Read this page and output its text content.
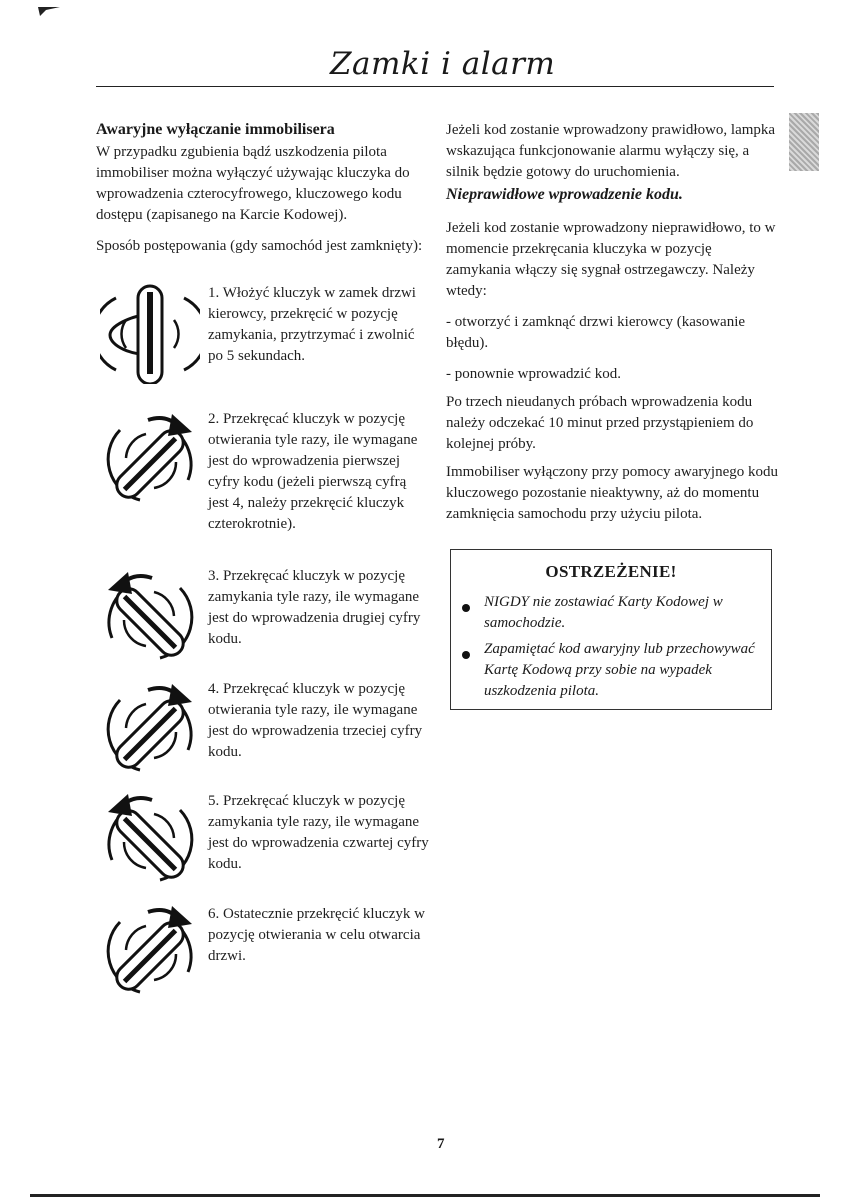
Zamki i alarm
Awaryjne wyłączanie immobilisera

W przypadku zgubienia bądź uszkodzenia pilota immobiliser można wyłączyć używając kluczyka do wprowadzenia czterocyfrowego, kluczowego kodu dostępu (zapisanego na Karcie Kodowej).

Sposób postępowania (gdy samochód jest zamknięty):

1. Włożyć kluczyk w zamek drzwi kierowcy, przekręcić w pozycję zamykania, przytrzymać i zwolnić po 5 sekundach.

2. Przekręcać kluczyk w pozycję otwierania tyle razy, ile wymagane jest do wprowadzenia pierwszej cyfry kodu (jeżeli pierwszą cyfrą jest 4, należy przekręcić kluczyk czterokrotnie).

3. Przekręcać kluczyk w pozycję zamykania tyle razy, ile wymagane jest do wprowadzenia drugiej cyfry kodu.

4. Przekręcać kluczyk w pozycję otwierania tyle razy, ile wymagane jest do wprowadzenia trzeciej cyfry kodu.

5. Przekręcać kluczyk w pozycję zamykania tyle razy, ile wymagane jest do wprowadzenia czwartej cyfry kodu.

6. Ostatecznie przekręcić kluczyk w pozycję otwierania w celu otwarcia drzwi.

Jeżeli kod zostanie wprowadzony prawidłowo, lampka wskazująca funkcjonowanie alarmu wyłączy się, a silnik będzie gotowy do uruchomienia.

Nieprawidłowe wprowadzenie kodu.

Jeżeli kod zostanie wprowadzony nieprawidłowo, to w momencie przekręcania kluczyka w pozycję zamykania włączy się sygnał ostrzegawczy. Należy wtedy:

- otworzyć i zamknąć drzwi kierowcy (kasowanie błędu).

- ponownie wprowadzić kod.

Po trzech nieudanych próbach wprowadzenia kodu należy odczekać 10 minut przed przystąpieniem do kolejnej próby.

Immobiliser wyłączony przy pomocy awaryjnego kodu kluczowego pozostanie nieaktywny, aż do momentu zamknięcia samochodu przy użyciu pilota.

OSTRZEŻENIE!

NIGDY nie zostawiać Karty Kodowej w samochodzie.

Zapamiętać kod awaryjny lub przechowywać Kartę Kodową przy sobie na wypadek uszkodzenia pilota.

7
